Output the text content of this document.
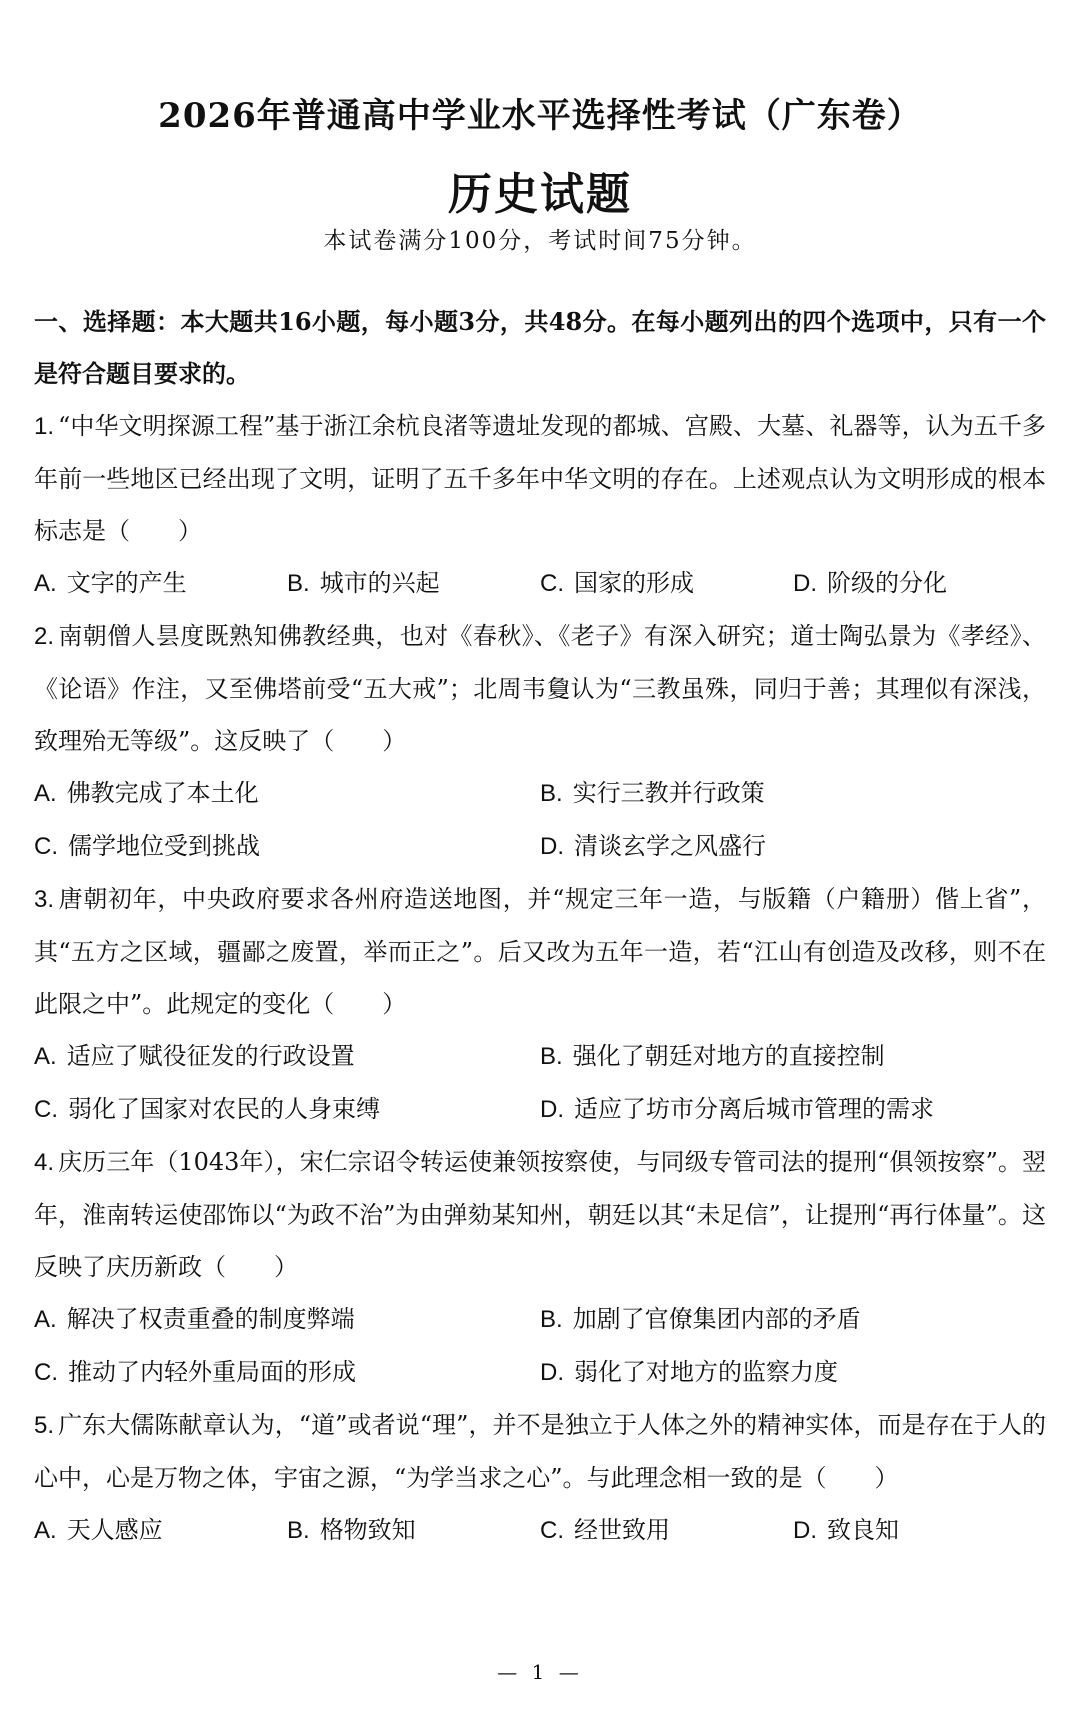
2026年普通高中学业水平选择性考试（广东卷）
历史试题
本试卷满分100分，考试时间75分钟。
一、选择题：本大题共16小题，每小题3分，共48分。在每小题列出的四个选项中，只有一个是符合题目要求的。
1. “中华文明探源工程”基于浙江余杭良渚等遗址发现的都城、宫殿、大墓、礼器等，认为五千多年前一些地区已经出现了文明，证明了五千多年中华文明的存在。上述观点认为文明形成的根本标志是（　　）
A. 文字的产生	B. 城市的兴起	C. 国家的形成	D. 阶级的分化
2. 南朝僧人昙度既熟知佛教经典，也对《春秋》、《老子》有深入研究；道士陶弘景为《孝经》、《论语》作注，又至佛塔前受“五大戒”；北周韦敻认为“三教虽殊，同归于善；其理似有深浅，致理殆无等级”。这反映了（　　）
A. 佛教完成了本土化	B. 实行三教并行政策
C. 儒学地位受到挑战	D. 清谈玄学之风盛行
3. 唐朝初年，中央政府要求各州府造送地图，并“规定三年一造，与版籍（户籍册）偕上省”，其“五方之区域，疆鄙之废置，举而正之”。后又改为五年一造，若“江山有创造及改移，则不在此限之中”。此规定的变化（　　）
A. 适应了赋役征发的行政设置	B. 强化了朝廷对地方的直接控制
C. 弱化了国家对农民的人身束缚	D. 适应了坊市分离后城市管理的需求
4. 庆历三年（1043年），宋仁宗诏令转运使兼领按察使，与同级专管司法的提刑“俱领按察”。翌年，淮南转运使邵饰以“为政不治”为由弹劾某知州，朝廷以其“未足信”，让提刑“再行体量”。这反映了庆历新政（　　）
A. 解决了权责重叠的制度弊端	B. 加剧了官僚集团内部的矛盾
C. 推动了内轻外重局面的形成	D. 弱化了对地方的监察力度
5. 广东大儒陈献章认为，“道”或者说“理”，并不是独立于人体之外的精神实体，而是存在于人的心中，心是万物之体，宇宙之源，“为学当求之心”。与此理念相一致的是（　　）
A. 天人感应	B. 格物致知	C. 经世致用	D. 致良知
— 1 —
